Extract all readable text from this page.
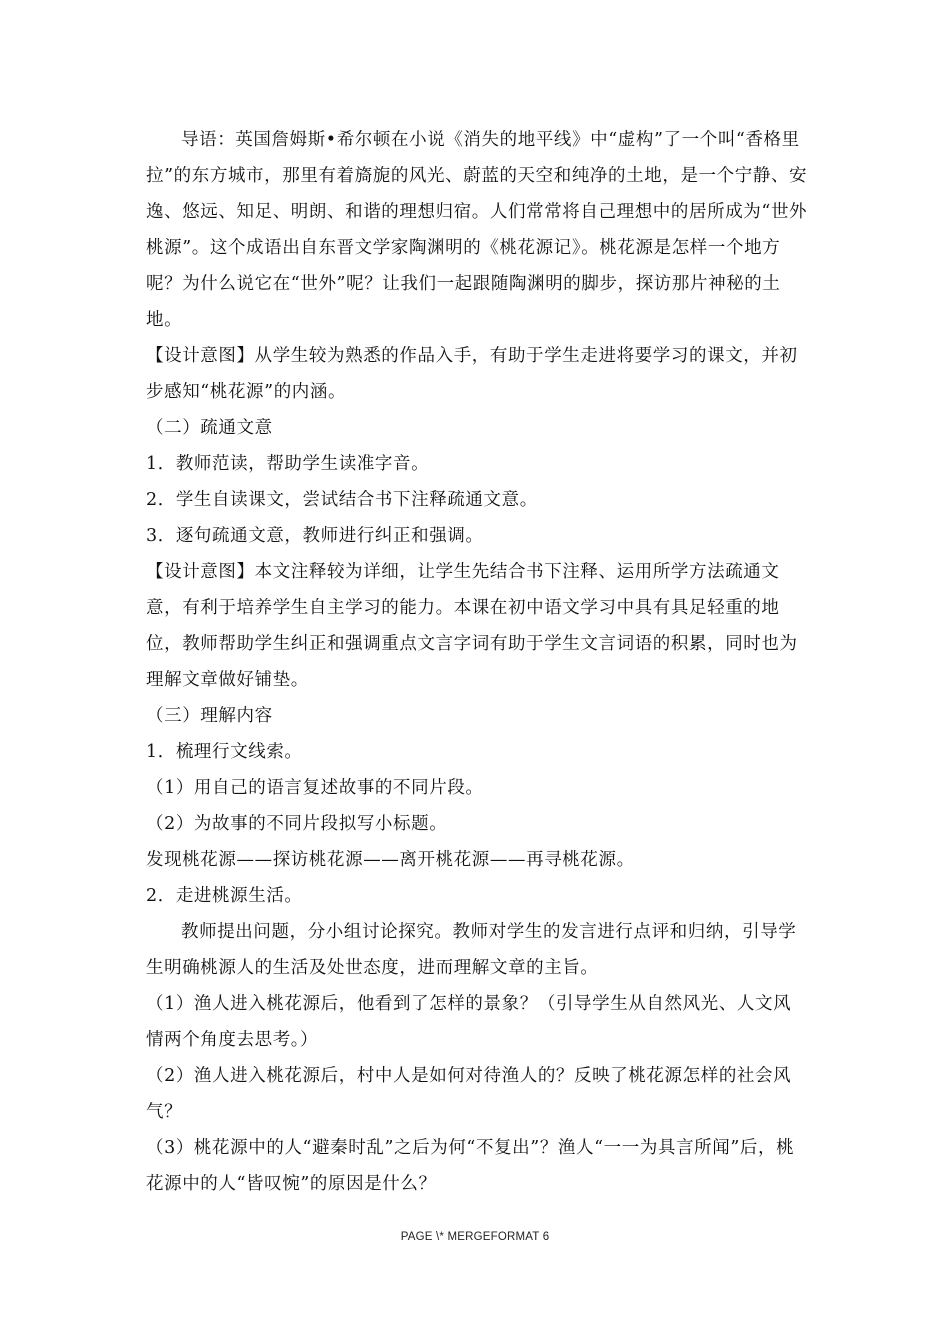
导语：英国詹姆斯•希尔顿在小说《消失的地平线》中“虚构”了一个叫“香格里拉”的东方城市，那里有着旖旎的风光、蔚蓝的天空和纯净的土地，是一个宁静、安逸、悠远、知足、明朗、和谐的理想归宿。人们常常将自己理想中的居所成为“世外桃源”。这个成语出自东晋文学家陶渊明的《桃花源记》。桃花源是怎样一个地方呢？为什么说它在“世外”呢？让我们一起跟随陶渊明的脚步，探访那片神秘的土地。

【设计意图】从学生较为熟悉的作品入手，有助于学生走进将要学习的课文，并初步感知“桃花源”的内涵。

（二）疏通文意

1．教师范读，帮助学生读准字音。

2．学生自读课文，尝试结合书下注释疏通文意。

3．逐句疏通文意，教师进行纠正和强调。

【设计意图】本文注释较为详细，让学生先结合书下注释、运用所学方法疏通文意，有利于培养学生自主学习的能力。本课在初中语文学习中具有具足轻重的地位，教师帮助学生纠正和强调重点文言字词有助于学生文言词语的积累，同时也为理解文章做好铺垫。

（三）理解内容

1．梳理行文线索。

（1）用自己的语言复述故事的不同片段。

（2）为故事的不同片段拟写小标题。

发现桃花源——探访桃花源——离开桃花源——再寻桃花源。

2．走进桃源生活。

教师提出问题，分小组讨论探究。教师对学生的发言进行点评和归纳，引导学生明确桃源人的生活及处世态度，进而理解文章的主旨。

（1）渔人进入桃花源后，他看到了怎样的景象？（引导学生从自然风光、人文风情两个角度去思考。）

（2）渔人进入桃花源后，村中人是如何对待渔人的？反映了桃花源怎样的社会风气？

（3）桃花源中的人“避秦时乱”之后为何“不复出”？渔人“一一为具言所闻”后，桃花源中的人“皆叹惋”的原因是什么？

PAGE \* MERGEFORMAT 6
